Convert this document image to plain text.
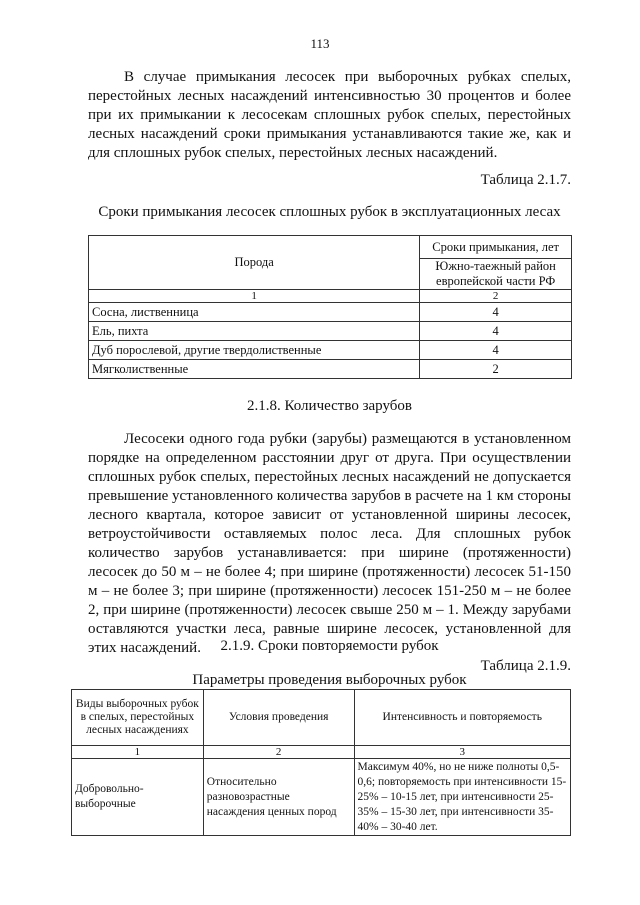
113

В случае примыкания лесосек при выборочных рубках спелых, перестойных лесных насаждений интенсивностью 30 процентов и более при их примыкании к лесосекам сплошных рубок спелых, перестойных лесных насаждений сроки примыкания устанавливаются такие же, как и для сплошных рубок спелых, перестойных лесных насаждений.

Таблица 2.1.7.
Сроки примыкания лесосек сплошных рубок в эксплуатационных лесах
Порода	Сроки примыкания, лет
	Южно-таежный район европейской части РФ
1	2
Сосна, лиственница	4
Ель, пихта	4
Дуб порослевой, другие твердолиственные	4
Мягколиственные	2
2.1.8. Количество зарубов

Лесосеки одного года рубки (зарубы) размещаются в установленном порядке на определенном расстоянии друг от друга. При осуществлении сплошных рубок спелых, перестойных лесных насаждений не допускается превышение установленного количества зарубов в расчете на 1 км стороны лесного квартала, которое зависит от установленной ширины лесосек, ветроустойчивости оставляемых полос леса. Для сплошных рубок количество зарубов устанавливается: при ширине (протяженности) лесосек до 50 м – не более 4; при ширине (протяженности) лесосек 51-150 м – не более 3; при ширине (протяженности) лесосек 151-250 м – не более 2, при ширине (протяженности) лесосек свыше 250 м – 1. Между зарубами оставляются участки леса, равные ширине лесосек, установленной для этих насаждений.	2.1.9. Сроки повторяемости рубок
Таблица 2.1.9.
Параметры проведения выборочных рубок
Виды выборочных рубок в спелых, перестойных лесных насаждениях	Условия проведения	Интенсивность и повторяемость
1	2	3
Добровольно-выборочные	Относительно разновозрастные насаждения ценных пород	Максимум 40%, но не ниже полноты 0,5-0,6; повторяемость при интенсивности 15-25% – 10-15 лет, при интенсивности 25-35% – 15-30 лет, при интенсивности 35-40% – 30-40 лет.
